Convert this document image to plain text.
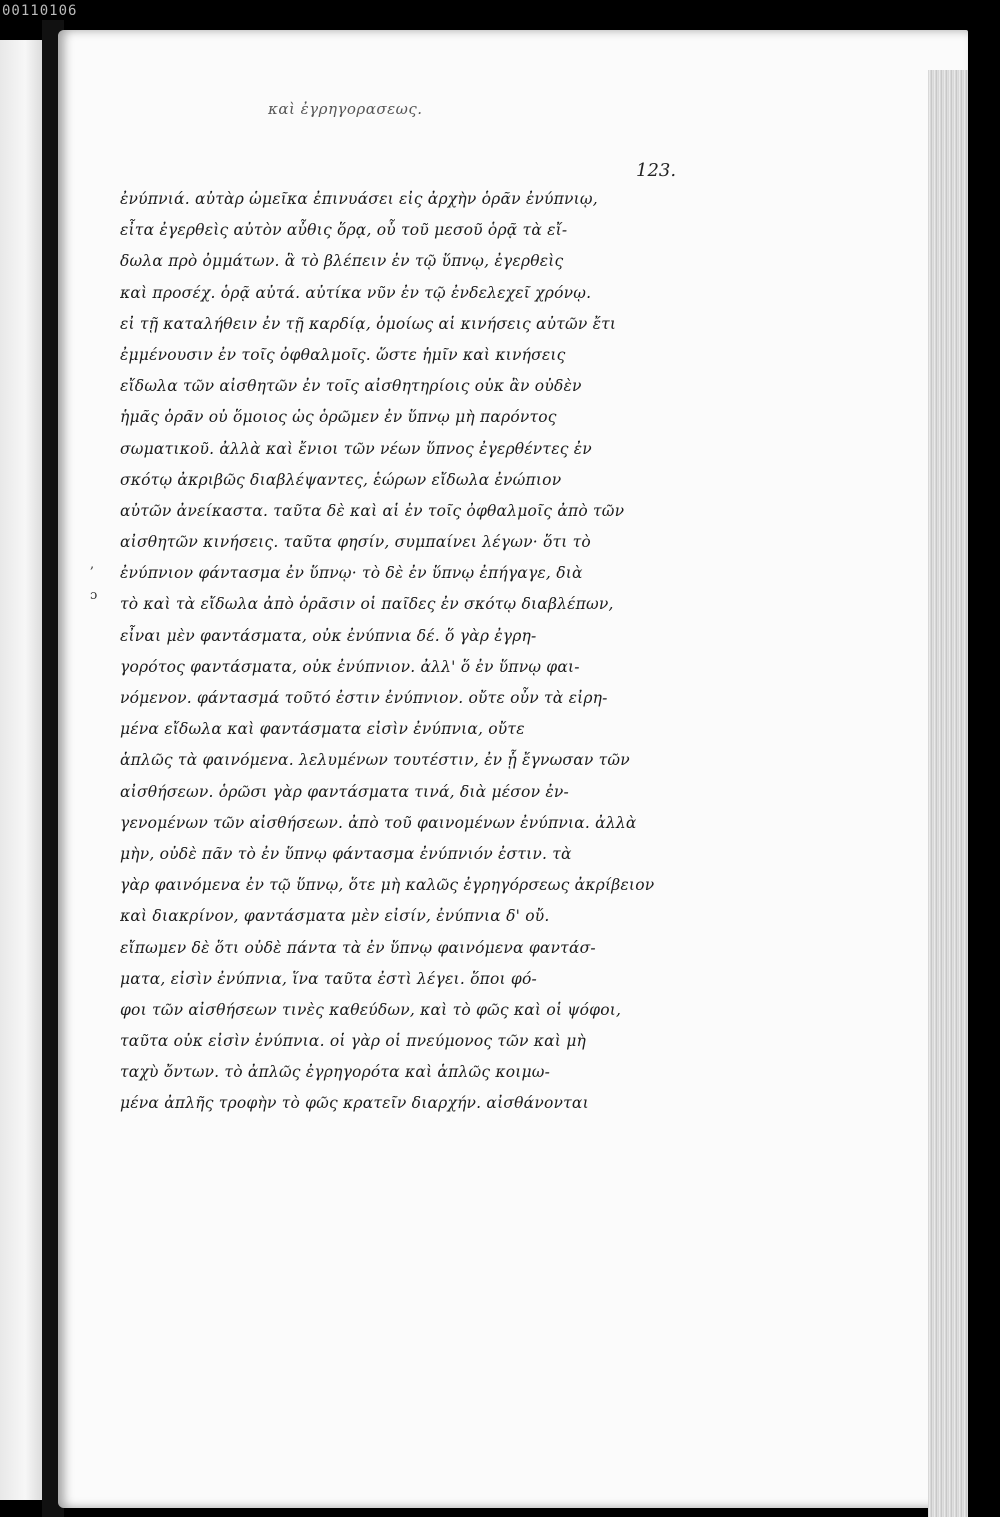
00110106
καὶ ἐγρηγορασεως.
123.
,
ɔ
ἐνύπνιά. αὐτὰρ ὡμεῖκα ἐπινυάσει εἰς ἀρχὴν ὁρᾶν ἐνύπνιῳ,
εἶτα ἐγερθεὶς αὐτὸν αὖθις ὅρᾳ, οὗ τοῦ μεσοῦ ὁρᾷ τὰ εἴ-
δωλα πρὸ ὀμμάτων. ἃ τὸ βλέπειν ἐν τῷ ὕπνῳ, ἐγερθεὶς
καὶ προσέχ. ὁρᾷ αὐτά. αὐτίκα νῦν ἐν τῷ ἐνδελεχεῖ χρόνῳ.
εἰ τῇ καταλήθειν ἐν τῇ καρδίᾳ, ὁμοίως αἱ κινήσεις αὐτῶν ἔτι
ἐμμένουσιν ἐν τοῖς ὀφθαλμοῖς. ὥστε ἡμῖν καὶ κινήσεις
εἴδωλα τῶν αἰσθητῶν ἐν τοῖς αἰσθητηρίοις οὐκ ἂν οὐδὲν
ἡμᾶς ὁρᾶν οὐ ὅμοιος ὡς ὁρῶμεν ἐν ὕπνῳ μὴ παρόντος
σωματικοῦ. ἀλλὰ καὶ ἔνιοι τῶν νέων ὕπνος ἐγερθέντες ἐν
σκότῳ ἀκριβῶς διαβλέψαντες, ἑώρων εἴδωλα ἐνώπιον
αὐτῶν ἀνείκαστα. ταῦτα δὲ καὶ αἱ ἐν τοῖς ὀφθαλμοῖς ἀπὸ τῶν
αἰσθητῶν κινήσεις. ταῦτα φησίν, συμπαίνει λέγων· ὅτι τὸ
ἐνύπνιον φάντασμα ἐν ὕπνῳ· τὸ δὲ ἐν ὕπνῳ ἐπήγαγε, διὰ
τὸ καὶ τὰ εἴδωλα ἀπὸ ὁρᾶσιν οἱ παῖδες ἐν σκότῳ διαβλέπων,
εἶναι μὲν φαντάσματα, οὐκ ἐνύπνια δέ. ὅ γὰρ ἐγρη-
γορότος φαντάσματα, οὐκ ἐνύπνιον. ἀλλ' ὅ ἐν ὕπνῳ φαι-
νόμενον. φάντασμά τοῦτό ἐστιν ἐνύπνιον. οὔτε οὖν τὰ εἰρη-
μένα εἴδωλα καὶ φαντάσματα εἰσὶν ἐνύπνια, οὔτε
ἁπλῶς τὰ φαινόμενα. λελυμένων τουτέστιν, ἐν ᾗ ἔγνωσαν τῶν
αἰσθήσεων. ὁρῶσι γὰρ φαντάσματα τινά, διὰ μέσον ἐν-
γενομένων τῶν αἰσθήσεων. ἀπὸ τοῦ φαινομένων ἐνύπνια. ἀλλὰ
μὴν, οὐδὲ πᾶν τὸ ἐν ὕπνῳ φάντασμα ἐνύπνιόν ἐστιν. τὰ
γὰρ φαινόμενα ἐν τῷ ὕπνῳ, ὅτε μὴ καλῶς ἐγρηγόρσεως ἀκρίβειον
καὶ διακρίνον, φαντάσματα μὲν εἰσίν, ἐνύπνια δ' οὔ.
εἴπωμεν δὲ ὅτι οὐδὲ πάντα τὰ ἐν ὕπνῳ φαινόμενα φαντάσ-
ματα, εἰσὶν ἐνύπνια, ἵνα ταῦτα ἐστὶ λέγει. ὅποι φό-
φοι τῶν αἰσθήσεων τινὲς καθεύδων, καὶ τὸ φῶς καὶ οἱ ψόφοι,
ταῦτα οὐκ εἰσὶν ἐνύπνια. οἱ γὰρ οἱ πνεύμονος τῶν καὶ μὴ
ταχὺ ὄντων. τὸ ἀπλῶς ἐγρηγορότα καὶ ἁπλῶς κοιμω-
μένα ἀπλῆς τροφὴν τὸ φῶς κρατεῖν διαρχήν. αἰσθάνονται
